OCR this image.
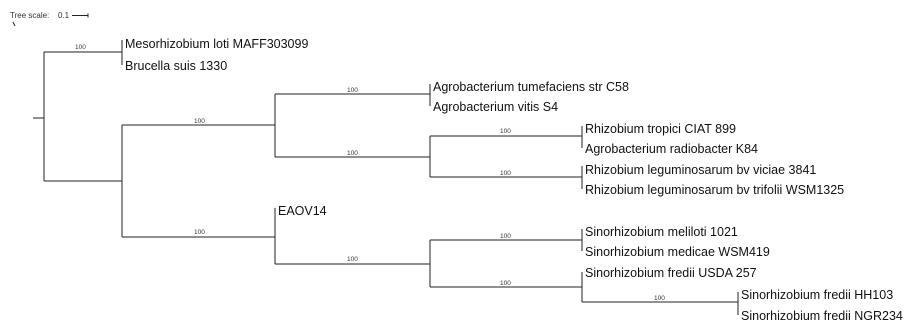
Tree scale: 0.1
100
100
100
100
100
100
100
100
100
100
100
Mesorhizobium loti MAFF303099
Brucella suis 1330
Agrobacterium tumefaciens str C58
Agrobacterium vitis S4
Rhizobium tropici CIAT 899
Agrobacterium radiobacter K84
Rhizobium leguminosarum bv viciae 3841
Rhizobium leguminosarum bv trifolii WSM1325
EAOV14
Sinorhizobium meliloti 1021
Sinorhizobium medicae WSM419
Sinorhizobium fredii USDA 257
Sinorhizobium fredii HH103
Sinorhizobium fredii NGR234
